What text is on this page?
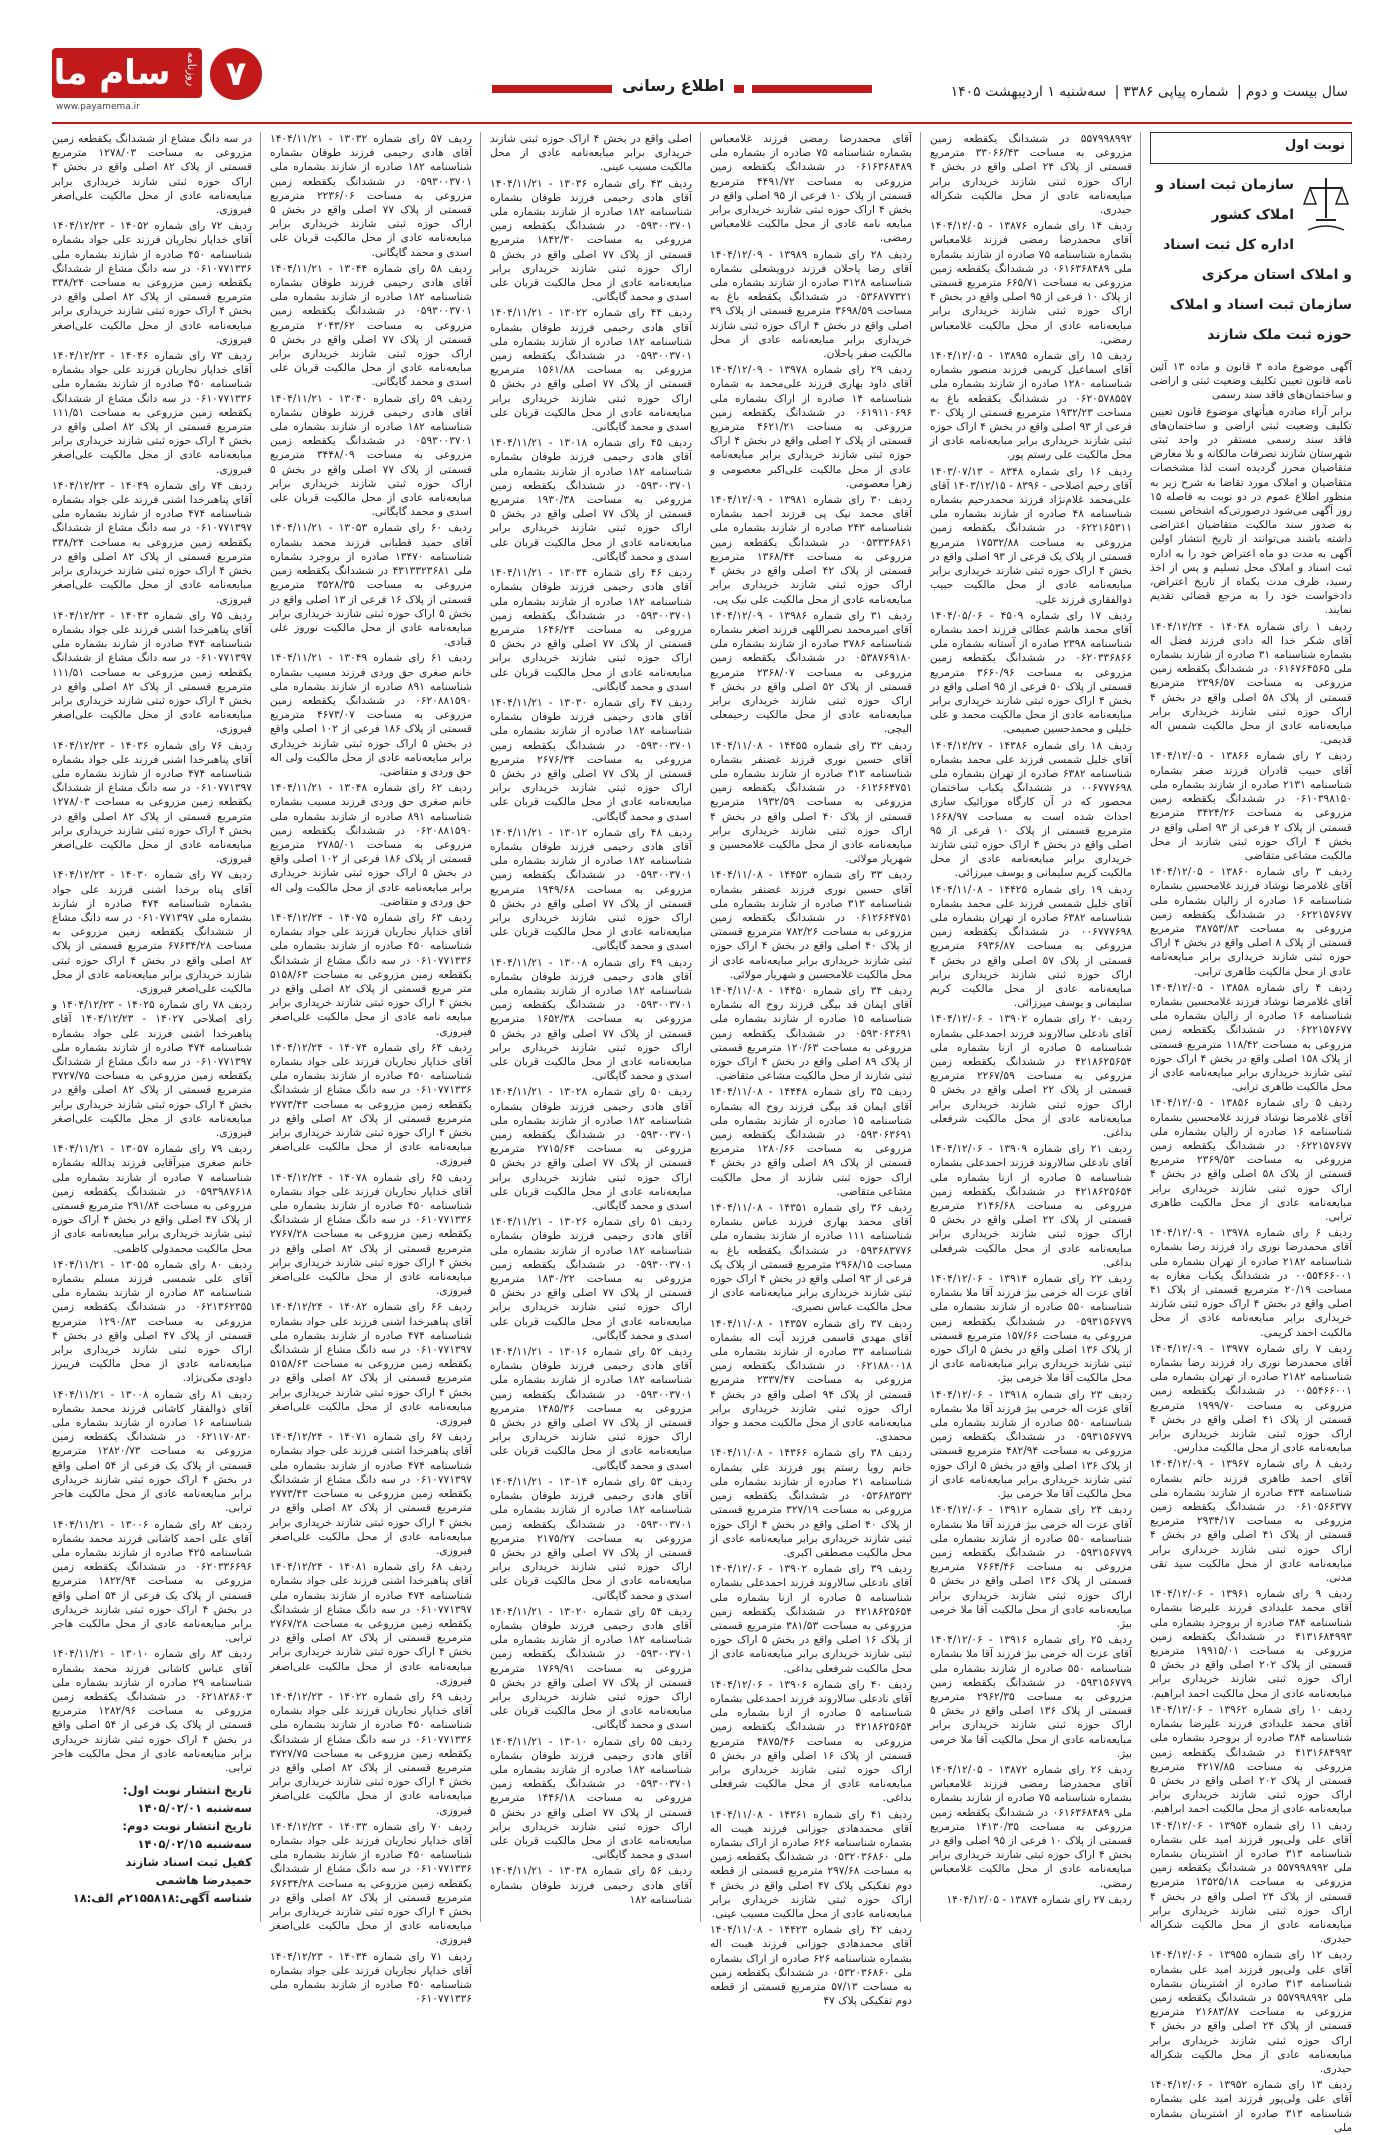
سال بیست و دوم| شماره پیاپی ۳۳۸۶| سه‌شنبه ۱ اردیبهشت ۱۴۰۵
اطلاع رسانی
۷
سام ما روزنامه
www.payamema.ir
نوبت اول
سازمان ثبت اسناد و املاک کشور
اداره کل ثبت اسناد و املاک استان مرکزی
سازمان ثبت اسناد و املاک حوزه ثبت ملک شازند

آگهی موضوع ماده ۳ قانون و ماده ۱۳ آئین نامه قانون تعیین تکلیف وضعیت ثبتی و اراضی و ساختمان‌های فاقد سند رسمی

برابر آراء صادره هیأتهای موضوع قانون تعیین تکلیف وضعیت ثبتی اراضی و ساختمان‌های فاقد سند رسمی مستقر در واحد ثبتی شهرستان شازند تصرفات مالکانه و بلا معارض متقاضیان محرز گردیده است لذا مشخصات متقاضیان و املاک مورد تقاضا به شرح زیر به منظور اطلاع عموم در دو نوبت به فاصله ۱۵ روز آگهی می‌شود درصورتی‌که اشخاص نسبت به صدور سند مالکیت متقاضیان اعتراضی داشته باشند می‌توانند از تاریخ انتشار اولین آگهی به مدت دو ماه اعتراض خود را به اداره ثبت اسناد و املاک محل تسلیم و پس از اخذ رسید، ظرف مدت یکماه از تاریخ اعتراض، دادخواست خود را به مرجع قضائی تقدیم نمایند.

ردیف ۱ رای شماره ۱۴۰۴۸ - ۱۴۰۴/۱۲/۲۴ آقای شکر خدا اله دادی فرزند فضل اله بشماره شناسنامه ۳۱ صادره از شازند بشماره ملی ۰۶۱۶۷۶۴۵۶۵ در ششدانگ یکقطعه زمین مزروعی به مساحت ۲۳۹۶/۵۷ مترمربع قسمتی از پلاک ۵۸ اصلی واقع در بخش ۴ اراک حوزه ثبتی شازند خریداری برابر مبایعه‌نامه عادی از محل مالکیت شمس اله قدیمی.

ردیف ۲ رای شماره ۱۳۸۶۶ - ۱۴۰۴/۱۲/۰۵ آقای حبیب قادران فرزند صفر بشماره شناسنامه ۲۱۳۱ صادره از شازند بشماره ملی ۰۶۱۰۳۹۸۱۵۰ در ششدانگ یکقطعه زمین مزروعی به مساحت ۳۴۲۴/۲۶ مترمربع قسمتی از پلاک ۲ فرعی از ۹۳ اصلی واقع در بخش ۴ اراک حوزه ثبتی شازند از محل مالکیت مشاعی متقاضی

ردیف ۳ رای شماره ۱۳۸۶۰ - ۱۴۰۴/۱۲/۰۵ آقای غلامرضا نوشاد فرزند غلامحسین بشماره شناسنامه ۱۶ صادره از زالیان بشماره ملی ۰۶۲۲۱۵۷۶۷۷ در ششدانگ یکقطعه زمین مزروعی به مساحت ۳۸۷۵۳/۸۳ مترمربع قسمتی از پلاک ۸ اصلی واقع در بخش ۴ اراک حوزه ثبتی شازند خریداری برابر مبایعه‌نامه عادی از محل مالکیت طاهری ترابی.

ردیف ۴ رای شماره ۱۳۸۵۸ - ۱۴۰۴/۱۲/۰۵ آقای غلامرضا نوشاد فرزند غلامحسین بشماره شناسنامه ۱۶ صادره از زالیان بشماره ملی ۰۶۲۲۱۵۷۶۷۷ در ششدانگ یکقطعه زمین مزروعی به مساحت ۱۱۸/۴۲ مترمربع قسمتی از پلاک ۱۵۸ اصلی واقع در بخش ۴ اراک حوزه ثبتی شازند خریداری برابر مبایعه‌نامه عادی از محل مالکیت طاهری ترابی.

ردیف ۵ رای شماره ۱۳۸۵۶ - ۱۴۰۴/۱۲/۰۵ آقای غلامرضا نوشاد فرزند غلامحسین بشماره شناسنامه ۱۶ صادره از زالیان بشماره ملی ۰۶۲۲۱۵۷۶۷۷ در ششدانگ یکقطعه زمین مزروعی به مساحت ۲۳۶۹/۵۳ مترمربع قسمتی از پلاک ۵۸ اصلی واقع در بخش ۴ اراک حوزه ثبتی شازند خریداری برابر مبایعه‌نامه عادی از محل مالکیت طاهری ترابی.

ردیف ۶ رای شماره ۱۳۹۷۸ - ۱۴۰۴/۱۲/۰۹ آقای محمدرضا نوری راد فرزند رضا بشماره شناسنامه ۲۱۸۲ صادره از تهران بشماره ملی ۰۰۵۵۴۶۶۰۰۱ در ششدانگ یکباب مغازه به مساحت ۲۰/۱۹ مترمربع قسمتی از پلاک ۴۱ اصلی واقع در بخش ۴ اراک حوزه ثبتی شازند خریداری برابر مبایعه‌نامه عادی از محل مالکیت احمد کریمی.

ردیف ۷ رای شماره ۱۳۹۷۷ - ۱۴۰۴/۱۲/۰۹ آقای محمدرضا نوری راد فرزند رضا بشماره شناسنامه ۲۱۸۲ صادره از تهران بشماره ملی ۰۰۵۵۴۶۶۰۰۱ در ششدانگ یکقطعه زمین مزروعی به مساحت ۱۹۹۹/۷۰ مترمربع قسمتی از پلاک ۴۱ اصلی واقع در بخش ۴ اراک حوزه ثبتی شازند خریداری برابر مبایعه‌نامه عادی از محل مالکیت مدارس.

ردیف ۸ رای شماره ۱۳۹۶۷ - ۱۴۰۴/۱۲/۰۹ آقای احمد طاهری فرزند حاتم بشماره شناسنامه ۴۳۴ صادره از شازند بشماره ملی ۰۶۱۰۵۶۶۳۷۷ در ششدانگ یکقطعه زمین مزروعی به مساحت ۲۹۳۴/۱۷ مترمربع قسمتی از پلاک ۴۱ اصلی واقع در بخش ۴ اراک حوزه ثبتی شازند خریداری برابر مبایعه‌نامه عادی از محل مالکیت سید تقی مدنی.

ردیف ۹ رای شماره ۱۳۹۶۱ - ۱۴۰۴/۱۲/۰۶ آقای محمد علیدادی فرزند علیرضا بشماره شناسنامه ۳۸۴ صادره از بروجرد بشماره ملی ۴۱۳۱۶۸۴۹۹۳ در ششدانگ یکقطعه زمین مزروعی به مساحت ۱۹۹۱۵/۰۱ مترمربع قسمتی از پلاک ۲۰۲ اصلی واقع در بخش ۵ اراک حوزه ثبتی شازند خریداری برابر مبایعه‌نامه عادی از محل مالکیت احمد ابراهیم.

ردیف ۱۰ رای شماره ۱۳۹۶۲ - ۱۴۰۴/۱۲/۰۶ آقای محمد علیدادی فرزند علیرضا بشماره شناسنامه ۳۸۴ صادره از بروجرد بشماره ملی ۴۱۳۱۶۸۴۹۹۳ در ششدانگ یکقطعه زمین مزروعی به مساحت ۴۲۱۷/۸۵ مترمربع قسمتی از پلاک ۲۰۲ اصلی واقع در بخش ۵ اراک حوزه ثبتی شازند خریداری برابر مبایعه‌نامه عادی از محل مالکیت احمد ابراهیم.

ردیف ۱۱ رای شماره ۱۳۹۵۴ - ۱۴۰۴/۱۲/۰۶ آقای علی ولی‌پور فرزند امید علی بشماره شناسنامه ۳۱۳ صادره از اشترینان بشماره ملی ۵۵۷۹۹۸۹۹۲ در ششدانگ یکقطعه زمین مزروعی به مساحت ۱۳۵۲۵/۱۸ مترمربع قسمتی از پلاک ۲۴ اصلی واقع در بخش ۴ اراک حوزه ثبتی شازند خریداری برابر مبایعه‌نامه عادی از محل مالکیت شکراله حیدری.

ردیف ۱۲ رای شماره ۱۳۹۵۵ - ۱۴۰۴/۱۲/۰۶ آقای علی ولی‌پور فرزند امید علی بشماره شناسنامه ۳۱۳ صادره از اشترینان بشماره ملی ۵۵۷۹۹۸۹۹۲ در ششدانگ یکقطعه زمین مزروعی به مساحت ۲۱۶۸۳/۸۷ مترمربع قسمتی از پلاک ۲۴ اصلی واقع در بخش ۴ اراک حوزه ثبتی شازند خریداری برابر مبایعه‌نامه عادی از محل مالکیت شکراله حیدری.

ردیف ۱۳ رای شماره ۱۳۹۵۲ - ۱۴۰۴/۱۲/۰۶ آقای علی ولی‌پور فرزند امید علی بشماره شناسنامه ۳۱۳ صادره از اشترینان بشماره ملی

۵۵۷۹۹۸۹۹۲ در ششدانگ یکقطعه زمین مزروعی به مساحت ۳۳۰۶۶/۴۳ مترمربع قسمتی از پلاک ۲۴ اصلی واقع در بخش ۴ اراک حوزه ثبتی شازند خریداری برابر مبایعه‌نامه عادی از محل مالکیت شکراله حیدری.

ردیف ۱۴ رای شماره ۱۳۸۷۶ - ۱۴۰۴/۱۲/۰۵ آقای محمدرضا رمضی فرزند غلامعباس بشماره شناسنامه ۷۵ صادره از شازند بشماره ملی ۰۶۱۶۳۶۸۴۸۹ در ششدانگ یکقطعه زمین مزروعی به مساحت ۶۶۵/۷۱ مترمربع قسمتی از پلاک ۱۰ فرعی از ۹۵ اصلی واقع در بخش ۴ اراک حوزه ثبتی شازند خریداری برابر مبایعه‌نامه عادی از محل مالکیت غلامعباس رمضی.

ردیف ۱۵ رای شماره ۱۳۸۹۵ - ۱۴۰۴/۱۲/۰۵ آقای اسماعیل کریمی فرزند منصور بشماره شناسنامه ۱۲۸۰ صادره از شازند بشماره ملی ۰۶۲۰۵۷۸۵۵۷ در ششدانگ یکقطعه باغ به مساحت ۱۹۳۲/۲۳ مترمربع قسمتی از پلاک ۳۰ فرعی از ۹۳ اصلی واقع در بخش ۴ اراک حوزه ثبتی شازند خریداری برابر مبایعه‌نامه عادی از محل مالکیت علی رستم پور.

ردیف ۱۶ رای شماره ۸۳۴۸ - ۱۴۰۳/۰۷/۱۳ آقای رحیم اصلاحی - ۸۳۹۶ - ۱۴۰۳/۱۲/۱۵ آقای علی‌محمد غلام‌نژاد فرزند محمدرحیم بشماره شناسنامه ۴۸ صادره از شازند بشماره ملی ۰۶۲۲۱۶۵۳۱۱ در ششدانگ یکقطعه زمین مزروعی به مساحت ۱۷۵۳۲/۸۸ مترمربع قسمتی از پلاک یک فرعی از ۹۳ اصلی واقع در بخش ۴ اراک حوزه ثبتی شازند خریداری برابر مبایعه‌نامه عادی از محل مالکیت حبیب ذوالفقاری فرزند علی.

ردیف ۱۷ رای شماره ۴۵۰۹ - ۱۴۰۴/۰۵/۰۶ آقای محمد هاشم عطائی فرزند احمد بشماره شناسنامه ۲۳۹۸ صادره از آستانه بشماره ملی ۰۶۲۰۳۳۶۸۶۶ در ششدانگ یکقطعه زمین مزروعی به مساحت ۳۶۶۰/۹۶ مترمربع قسمتی از پلاک ۵۰ فرعی از ۹۵ اصلی واقع در بخش ۴ اراک حوزه ثبتی شازند خریداری برابر مبایعه‌نامه عادی از محل مالکیت محمد و علی خلیلی و محمدحسین صمیمی.

ردیف ۱۸ رای شماره ۱۴۳۸۶ - ۱۴۰۴/۱۲/۲۷ آقای خلیل شمسی فرزند علی محمد بشماره شناسنامه ۶۳۸۲ صادره از تهران بشماره ملی ۰۰۶۷۷۷۶۹۸ در ششدانگ یکباب ساختمان محصور که در آن کارگاه موزائیک سازی احداث شده است به مساحت ۱۶۶۸/۹۷ مترمربع قسمتی از پلاک ۱۰ فرعی از ۹۵ اصلی واقع در بخش ۴ اراک حوزه ثبتی شازند خریداری برابر مبایعه‌نامه عادی از محل مالکیت کریم سلیمانی و یوسف میرزائی.

ردیف ۱۹ رای شماره ۱۴۴۲۵ - ۱۴۰۴/۱۱/۰۸ آقای خلیل شمسی فرزند علی محمد بشماره شناسنامه ۶۳۸۲ صادره از تهران بشماره ملی ۰۰۶۷۷۷۶۹۸ در ششدانگ یکقطعه زمین مزروعی به مساحت ۶۹۳۶/۸۷ مترمربع قسمتی از پلاک ۵۷ اصلی واقع در بخش ۴ اراک حوزه ثبتی شازند خریداری برابر مبایعه‌نامه عادی از محل مالکیت کریم سلیمانی و یوسف میرزائی.

ردیف ۲۰ رای شماره ۱۳۹۰۲ - ۱۴۰۴/۱۲/۰۶ آقای نادعلی سالاروند فرزند احمدعلی بشماره شناسنامه ۵ صادره از ازنا بشماره ملی ۴۲۱۸۶۲۵۶۵۴ در ششدانگ یکقطعه زمین مزروعی به مساحت ۲۲۶۷/۵۹ مترمربع قسمتی از پلاک ۲۲ اصلی واقع در بخش ۵ اراک حوزه ثبتی شازند خریداری برابر مبایعه‌نامه عادی از محل مالکیت شرفعلی بداغی.

ردیف ۲۱ رای شماره ۱۳۹۰۹ - ۱۴۰۴/۱۲/۰۶ آقای نادعلی سالاروند فرزند احمدعلی بشماره شناسنامه ۵ صادره از ازنا بشماره ملی ۴۲۱۸۶۲۵۶۵۴ در ششدانگ یکقطعه زمین مزروعی به مساحت ۲۱۴۶/۶۸ مترمربع قسمتی از پلاک ۲۲ اصلی واقع در بخش ۵ اراک حوزه ثبتی شازند خریداری برابر مبایعه‌نامه عادی از محل مالکیت شرفعلی بداغی.

ردیف ۲۲ رای شماره ۱۳۹۱۴ - ۱۴۰۴/۱۲/۰۶ آقای عزت اله خرمی بیژ فرزند آقا ملا بشماره شناسنامه ۵۵۰ صادره از شازند بشماره ملی ۰۵۹۳۱۵۶۷۷۹ در ششدانگ یکقطعه زمین مزروعی به مساحت ۱۵۷/۶۶ مترمربع قسمتی از پلاک ۱۳۶ اصلی واقع در بخش ۵ اراک حوزه ثبتی شازند خریداری برابر مبایعه‌نامه عادی از محل مالکیت آقا ملا خرمی بیژ.

ردیف ۲۳ رای شماره ۱۳۹۱۸ - ۱۴۰۴/۱۲/۰۶ آقای عزت اله خرمی بیژ فرزند آقا ملا بشماره شناسنامه ۵۵۰ صادره از شازند بشماره ملی ۰۵۹۳۱۵۶۷۷۹ در ششدانگ یکقطعه زمین مزروعی به مساحت ۴۸۲/۹۴ مترمربع قسمتی از پلاک ۱۳۶ اصلی واقع در بخش ۵ اراک حوزه ثبتی شازند خریداری برابر مبایعه‌نامه عادی از محل مالکیت آقا ملا خرمی بیژ.

ردیف ۲۴ رای شماره ۱۳۹۱۲ - ۱۴۰۴/۱۲/۰۶ آقای عزت اله خرمی بیژ فرزند آقا ملا بشماره شناسنامه ۵۵۰ صادره از شازند بشماره ملی ۰۵۹۳۱۵۶۷۷۹ در ششدانگ یکقطعه زمین مزروعی به مساحت ۷۶۶۴/۴۶ مترمربع قسمتی از پلاک ۱۳۶ اصلی واقع در بخش ۵ اراک حوزه ثبتی شازند خریداری برابر مبایعه‌نامه عادی از محل مالکیت آقا ملا خرمی بیژ.

ردیف ۲۵ رای شماره ۱۳۹۱۶ - ۱۴۰۴/۱۲/۰۶ آقای عزت اله خرمی بیژ فرزند آقا ملا بشماره شناسنامه ۵۵۰ صادره از شازند بشماره ملی ۰۵۹۳۱۵۶۷۷۹ در ششدانگ یکقطعه زمین مزروعی به مساحت ۲۹۶۲/۳۵ مترمربع قسمتی از پلاک ۱۳۶ اصلی واقع در بخش ۵ اراک حوزه ثبتی شازند خریداری برابر مبایعه‌نامه عادی از محل مالکیت آقا ملا خرمی بیژ.

ردیف ۲۶ رای شماره ۱۳۸۷۲ - ۱۴۰۴/۱۲/۰۵ آقای محمدرضا رمضی فرزند غلامعباس بشماره شناسنامه ۷۵ صادره از شازند بشماره ملی ۰۶۱۶۳۶۸۴۸۹ در ششدانگ یکقطعه زمین مزروعی به مساحت ۱۴۱۳۰/۳۵ مترمربع قسمتی از پلاک ۱۰ فرعی از ۹۵ اصلی واقع در بخش ۴ اراک حوزه ثبتی شازند خریداری برابر مبایعه‌نامه عادی از محل مالکیت غلامعباس رمضی.

ردیف ۲۷ رای شماره ۱۳۸۷۴ - ۱۴۰۴/۱۲/۰۵

آقای محمدرضا رمضی فرزند غلامعباس بشماره شناسنامه ۷۵ صادره از بشماره ملی ۰۶۱۶۳۶۸۴۸۹ در ششدانگ یکقطعه زمین مزروعی به مساحت ۴۴۹۱/۷۲ مترمربع قسمتی از پلاک ۱۰ فرعی از ۹۵ اصلی واقع در بخش ۴ اراک حوزه ثبتی شازند خریداری برابر مبایعه نامه عادی از محل مالکیت غلامعباس رمضی.

ردیف ۲۸ رای شماره ۱۳۹۸۹ - ۱۴۰۴/۱۲/۰۹ آقای رضا یاحلان فرزند درویشعلی بشماره شناسنامه ۳۱۲۸ صادره از شازند بشماره ملی ۰۵۳۶۸۷۷۳۲۱ در ششدانگ یکقطعه باغ به مساحت ۳۶۹۸/۵۹ مترمربع قسمتی از پلاک ۳۹ اصلی واقع در بخش ۴ اراک حوزه ثبتی شازند خریداری برابر مبایعه‌نامه عادی از محل مالکیت صفر یاحلان.

ردیف ۲۹ رای شماره ۱۳۹۷۸ - ۱۴۰۴/۱۲/۰۹ آقای داود بهاری فرزند علی‌محمد به شماره شناسنامه ۱۴ صادره از اراک بشماره ملی ۰۶۱۹۱۱۰۶۹۶ در ششدانگ یکقطعه زمین مزروعی به مساحت ۴۶۲۱/۲۱ مترمربع قسمتی از پلاک ۲ اصلی واقع در بخش ۴ اراک حوزه ثبتی شازند خریداری برابر مبایعه‌نامه عادی از محل مالکیت علی‌اکبر معصومی و زهرا معصومی.

ردیف ۳۰ رای شماره ۱۳۹۸۱ - ۱۴۰۴/۱۲/۰۹ آقای محمد نیک پی فرزند احمد بشماره شناسنامه ۲۴۳ صادره از شازند بشماره ملی ۰۵۳۳۳۶۸۶۱ در ششدانگ یکقطعه زمین مزروعی به مساحت ۱۳۶۸/۴۴ مترمربع قسمتی از پلاک ۴۲ اصلی واقع در بخش ۴ اراک حوزه ثبتی شازند خریداری برابر مبایعه‌نامه عادی از محل مالکیت علی نیک پی.

ردیف ۳۱ رای شماره ۱۳۹۸۶ - ۱۴۰۴/۱۲/۰۹ آقای امیرمحمد نصراللهی فرزند اصغر بشماره شناسنامه ۳۷۸۶ صادره از شازند بشماره ملی ۰۵۳۸۷۶۹۱۸۰ در ششدانگ یکقطعه زمین مزروعی به مساحت ۲۳۶۸/۰۷ مترمربع قسمتی از پلاک ۵۲ اصلی واقع در بخش ۴ اراک حوزه ثبتی شازند خریداری برابر مبایعه‌نامه عادی از محل مالکیت رحیمعلی الیچی.

ردیف ۳۲ رای شماره ۱۴۴۵۵ - ۱۴۰۴/۱۱/۰۸ آقای حسین نوری فرزند غضنفر بشماره شناسنامه ۳۱۳ صادره از شازند بشماره ملی ۰۶۱۲۶۶۴۷۵۱ در ششدانگ یکقطعه زمین مزروعی به مساحت ۱۹۳۲/۵۹ مترمربع قسمتی از پلاک ۴۰ اصلی واقع در بخش ۴ اراک حوزه ثبتی شازند خریداری برابر مبایعه‌نامه عادی از محل مالکیت غلامحسین و شهریار مولائی.

ردیف ۳۳ رای شماره ۱۴۴۵۳ - ۱۴۰۴/۱۱/۰۸ آقای حسین نوری فرزند غضنفر بشماره شناسنامه ۳۱۳ صادره از شازند بشماره ملی ۰۶۱۲۶۶۴۷۵۱ در ششدانگ یکقطعه زمین مزروعی به مساحت ۷۸۲/۲۶ مترمربع قسمتی از پلاک ۴۰ اصلی واقع در بخش ۴ اراک حوزه ثبتی شازند خریداری برابر مبایعه‌نامه عادی از محل مالکیت غلامحسین و شهریار مولائی.

ردیف ۳۴ رای شماره ۱۴۴۵۰ - ۱۴۰۴/۱۱/۰۸ آقای ایمان قد بیگی فرزند روح اله بشماره شناسنامه ۱۵ صادره از شازند بشماره ملی ۰۵۹۳۰۶۳۶۹۱ در ششدانگ یکقطعه زمین مزروعی به مساحت ۱۲۰/۶۳ مترمربع قسمتی از پلاک ۸۹ اصلی واقع در بخش ۴ اراک حوزه ثبتی شازند از محل مالکیت مشاعی متقاضی.

ردیف ۳۵ رای شماره ۱۴۴۴۸ - ۱۴۰۴/۱۱/۰۸ آقای ایمان قد بیگی فرزند روح اله بشماره شناسنامه ۱۵ صادره از شازند بشماره ملی ۰۵۹۳۰۶۳۶۹۱ در ششدانگ یکقطعه زمین مزروعی به مساحت ۱۲۸۰/۶۶ مترمربع قسمتی از پلاک ۸۹ اصلی واقع در بخش ۴ اراک حوزه ثبتی شازند از محل مالکیت مشاعی متقاضی.

ردیف ۳۶ رای شماره ۱۴۳۵۱ - ۱۴۰۴/۱۱/۰۸ آقای محمد بهاری فرزند عباس بشماره شناسنامه ۱۱۱ صادره از شازند بشماره ملی ۰۵۹۳۶۸۳۷۷۶ در ششدانگ یکقطعه باغ به مساحت ۲۹۶۸/۱۵ مترمربع قسمتی از پلاک یک فرعی از ۹۳ اصلی واقع در بخش ۴ اراک حوزه ثبتی شازند خریداری برابر مبایعه‌نامه عادی از محل مالکیت عباس نصیری.

ردیف ۳۷ رای شماره ۱۴۳۵۷ - ۱۴۰۴/۱۱/۰۸ آقای مهدی قاسمی فرزند آیت اله بشماره شناسنامه ۳۳ صادره از شازند بشماره ملی ۰۶۲۱۸۸۰۰۱۸ در ششدانگ یکقطعه زمین مزروعی به مساحت ۲۳۳۷/۴۷ مترمربع قسمتی از پلاک ۹۴ اصلی واقع در بخش ۴ اراک حوزه ثبتی شازند خریداری برابر مبایعه‌نامه عادی از محل مالکیت محمد و جواد محمدی.

ردیف ۳۸ رای شماره ۱۴۳۶۶ - ۱۴۰۴/۱۱/۰۸ خانم رویا رستم پور فرزند علی بشماره شناسنامه ۲۱ صادره از شازند بشماره ملی ۰۵۳۶۸۳۵۳۲ در ششدانگ یکقطعه زمین مزروعی به مساحت ۳۲۷/۱۹ مترمربع قسمتی از پلاک ۴۰ اصلی واقع در بخش ۴ اراک حوزه ثبتی شازند خریداری برابر مبایعه‌نامه عادی از محل مالکیت مصطفی اکبری.

ردیف ۳۹ رای شماره ۱۳۹۰۲ - ۱۴۰۴/۱۲/۰۶ آقای نادعلی سالاروند فرزند احمدعلی بشماره شناسنامه ۵ صادره از ازنا بشماره ملی ۴۲۱۸۶۲۵۶۵۴ در ششدانگ یکقطعه زمین مزروعی به مساحت ۳۸۱/۵۳ مترمربع قسمتی از پلاک ۱۶ اصلی واقع در بخش ۵ اراک حوزه ثبتی شازند خریداری برابر مبایعه‌نامه عادی از محل مالکیت شرفعلی بداغی.

ردیف ۴۰ رای شماره ۱۳۹۰۶ - ۱۴۰۴/۱۲/۰۶ آقای نادعلی سالاروند فرزند احمدعلی بشماره شناسنامه ۵ صادره از ازنا بشماره ملی ۴۲۱۸۶۲۵۶۵۴ در ششدانگ یکقطعه زمین مزروعی به مساحت ۴۸۷۵/۴۶ مترمربع قسمتی از پلاک ۱۶ اصلی واقع در بخش ۵ اراک حوزه ثبتی شازند خریداری برابر مبایعه‌نامه عادی از محل مالکیت شرفعلی بداغی.

ردیف ۴۱ رای شماره ۱۴۳۶۱ - ۱۴۰۴/۱۱/۰۸ آقای محمدهادی جوزانی فرزند هیبت اله بشماره شناسنامه ۶۲۶ صادره از اراک بشماره ملی ۰۵۳۲۰۳۶۸۶۰ در ششدانگ یکقطعه زمین به مساحت ۲۹۷/۶۸ مترمربع قسمتی از قطعه دوم تفکیکی پلاک ۴۷ اصلی واقع در بخش ۴ اراک حوزه ثبتی شازند خریداری برابر مبایعه‌نامه عادی از محل مالکیت مسیب عینی.

ردیف ۴۲ رای شماره ۱۴۴۲۳ - ۱۴۰۴/۱۱/۰۸ آقای محمدهادی جوزانی فرزند هیبت اله بشماره شناسنامه ۶۲۶ صادره از اراک بشماره ملی ۰۵۳۲۰۳۶۸۶۰ در ششدانگ یکقطعه زمین به مساحت ۵۷/۱۳ مترمربع قسمتی از قطعه دوم تفکیکی پلاک ۴۷

اصلی واقع در بخش ۴ اراک حوزه ثبتی شازند خریداری برابر مبایعه‌نامه عادی از محل مالکیت مسیب عینی.

ردیف ۴۳ رای شماره ۱۳۰۳۶ - ۱۴۰۴/۱۱/۲۱ آقای هادی رحیمی فرزند طوفان بشماره شناسنامه ۱۸۲ صادره از شازند بشماره ملی ۰۵۹۳۰۰۳۷۰۱ در ششدانگ یکقطعه زمین مزروعی به مساحت ۱۸۴۲/۳۰ مترمربع قسمتی از پلاک ۷۷ اصلی واقع در بخش ۵ اراک حوزه ثبتی شازند خریداری برابر مبایعه‌نامه عادی از محل مالکیت قربان علی اسدی و محمد گایگانی.

ردیف ۴۴ رای شماره ۱۳۰۲۲ - ۱۴۰۴/۱۱/۲۱ آقای هادی رحیمی فرزند طوفان بشماره شناسنامه ۱۸۲ صادره از شازند بشماره ملی ۰۵۹۳۰۰۳۷۰۱ در ششدانگ یکقطعه زمین مزروعی به مساحت ۱۵۶۱/۸۸ مترمربع قسمتی از پلاک ۷۷ اصلی واقع در بخش ۵ اراک حوزه ثبتی شازند خریداری برابر مبایعه‌نامه عادی از محل مالکیت قربان علی اسدی و محمد گایگانی.

ردیف ۴۵ رای شماره ۱۳۰۱۸ - ۱۴۰۴/۱۱/۲۱ آقای هادی رحیمی فرزند طوفان بشماره شناسنامه ۱۸۲ صادره از شازند بشماره ملی ۰۵۹۳۰۰۳۷۰۱ در ششدانگ یکقطعه زمین مزروعی به مساحت ۱۹۳۰/۳۸ مترمربع قسمتی از پلاک ۷۷ اصلی واقع در بخش ۵ اراک حوزه ثبتی شازند خریداری برابر مبایعه‌نامه عادی از محل مالکیت قربان علی اسدی و محمد گایگانی.

ردیف ۴۶ رای شماره ۱۳۰۳۴ - ۱۴۰۴/۱۱/۲۱ آقای هادی رحیمی فرزند طوفان بشماره شناسنامه ۱۸۲ صادره از شازند بشماره ملی ۰۵۹۳۰۰۳۷۰۱ در ششدانگ یکقطعه زمین مزروعی به مساحت ۱۶۴۶/۲۴ مترمربع قسمتی از پلاک ۷۷ اصلی واقع در بخش ۵ اراک حوزه ثبتی شازند خریداری برابر مبایعه‌نامه عادی از محل مالکیت قربان علی اسدی و محمد گایگانی.

ردیف ۴۷ رای شماره ۱۳۰۳۰ - ۱۴۰۴/۱۱/۲۱ آقای هادی رحیمی فرزند طوفان بشماره شناسنامه ۱۸۲ صادره از شازند بشماره ملی ۰۵۹۳۰۰۳۷۰۱ در ششدانگ یکقطعه زمین مزروعی به مساحت ۲۶۷۶/۳۴ مترمربع قسمتی از پلاک ۷۷ اصلی واقع در بخش ۵ اراک حوزه ثبتی شازند خریداری برابر مبایعه‌نامه عادی از محل مالکیت قربان علی اسدی و محمد گایگانی.

ردیف ۴۸ رای شماره ۱۳۰۱۲ - ۱۴۰۴/۱۱/۲۱ آقای هادی رحیمی فرزند طوفان بشماره شناسنامه ۱۸۲ صادره از شازند بشماره ملی ۰۵۹۳۰۰۳۷۰۱ در ششدانگ یکقطعه زمین مزروعی به مساحت ۱۹۴۹/۶۸ مترمربع قسمتی از پلاک ۷۷ اصلی واقع در بخش ۵ اراک حوزه ثبتی شازند خریداری برابر مبایعه‌نامه عادی از محل مالکیت قربان علی اسدی و محمد گایگانی.

ردیف ۴۹ رای شماره ۱۳۰۰۸ - ۱۴۰۴/۱۱/۲۱ آقای هادی رحیمی فرزند طوفان بشماره شناسنامه ۱۸۲ صادره از شازند بشماره ملی ۰۵۹۳۰۰۳۷۰۱ در ششدانگ یکقطعه زمین مزروعی به مساحت ۱۶۵۲/۳۸ مترمربع قسمتی از پلاک ۷۷ اصلی واقع در بخش ۵ اراک حوزه ثبتی شازند خریداری برابر مبایعه‌نامه عادی از محل مالکیت قربان علی اسدی و محمد گایگانی.

ردیف ۵۰ رای شماره ۱۳۰۲۸ - ۱۴۰۴/۱۱/۲۱ آقای هادی رحیمی فرزند طوفان بشماره شناسنامه ۱۸۲ صادره از شازند بشماره ملی ۰۵۹۳۰۰۳۷۰۱ در ششدانگ یکقطعه زمین مزروعی به مساحت ۲۷۱۵/۶۴ مترمربع قسمتی از پلاک ۷۷ اصلی واقع در بخش ۵ اراک حوزه ثبتی شازند خریداری برابر مبایعه‌نامه عادی از محل مالکیت قربان علی اسدی و محمد گایگانی.

ردیف ۵۱ رای شماره ۱۳۰۲۶ - ۱۴۰۴/۱۱/۲۱ آقای هادی رحیمی فرزند طوفان بشماره شناسنامه ۱۸۲ صادره از شازند بشماره ملی ۰۵۹۳۰۰۳۷۰۱ در ششدانگ یکقطعه زمین مزروعی به مساحت ۱۸۳۰/۲۲ مترمربع قسمتی از پلاک ۷۷ اصلی واقع در بخش ۵ اراک حوزه ثبتی شازند خریداری برابر مبایعه‌نامه عادی از محل مالکیت قربان علی اسدی و محمد گایگانی.

ردیف ۵۲ رای شماره ۱۳۰۱۶ - ۱۴۰۴/۱۱/۲۱ آقای هادی رحیمی فرزند طوفان بشماره شناسنامه ۱۸۲ صادره از شازند بشماره ملی ۰۵۹۳۰۰۳۷۰۱ در ششدانگ یکقطعه زمین مزروعی به مساحت ۱۴۸۵/۳۶ مترمربع قسمتی از پلاک ۷۷ اصلی واقع در بخش ۵ اراک حوزه ثبتی شازند خریداری برابر مبایعه‌نامه عادی از محل مالکیت قربان علی اسدی و محمد گایگانی.

ردیف ۵۳ رای شماره ۱۳۰۱۴ - ۱۴۰۴/۱۱/۲۱ آقای هادی رحیمی فرزند طوفان بشماره شناسنامه ۱۸۲ صادره از شازند بشماره ملی ۰۵۹۳۰۰۳۷۰۱ در ششدانگ یکقطعه زمین مزروعی به مساحت ۲۱۷۵/۲۷ مترمربع قسمتی از پلاک ۷۷ اصلی واقع در بخش ۵ اراک حوزه ثبتی شازند خریداری برابر مبایعه‌نامه عادی از محل مالکیت قربان علی اسدی و محمد گایگانی.

ردیف ۵۴ رای شماره ۱۳۰۲۰ - ۱۴۰۴/۱۱/۲۱ آقای هادی رحیمی فرزند طوفان بشماره شناسنامه ۱۸۲ صادره از شازند بشماره ملی ۰۵۹۳۰۰۳۷۰۱ در ششدانگ یکقطعه زمین مزروعی به مساحت ۱۷۶۹/۹۱ مترمربع قسمتی از پلاک ۷۷ اصلی واقع در بخش ۵ اراک حوزه ثبتی شازند خریداری برابر مبایعه‌نامه عادی از محل مالکیت قربان علی اسدی و محمد گایگانی.

ردیف ۵۵ رای شماره ۱۳۰۱۰ - ۱۴۰۴/۱۱/۲۱ آقای هادی رحیمی فرزند طوفان بشماره شناسنامه ۱۸۲ صادره از شازند بشماره ملی ۰۵۹۳۰۰۳۷۰۱ در ششدانگ یکقطعه زمین مزروعی به مساحت ۱۴۴۶/۱۸ مترمربع قسمتی از پلاک ۷۷ اصلی واقع در بخش ۵ اراک حوزه ثبتی شازند خریداری برابر مبایعه‌نامه عادی از محل مالکیت قربان علی اسدی و محمد گایگانی.

ردیف ۵۶ رای شماره ۱۳۰۳۸ - ۱۴۰۴/۱۱/۲۱ آقای هادی رحیمی فرزند طوفان بشماره شناسنامه ۱۸۲

ردیف ۵۷ رای شماره ۱۳۰۳۲ - ۱۴۰۴/۱۱/۲۱ آقای هادی رحیمی فرزند طوفان بشماره شناسنامه ۱۸۲ صادره از شازند بشماره ملی ۰۵۹۳۰۰۳۷۰۱ در ششدانگ یکقطعه زمین مزروعی به مساحت ۲۲۳۶/۰۶ مترمربع قسمتی از پلاک ۷۷ اصلی واقع در بخش ۵ اراک حوزه ثبتی شازند خریداری برابر مبایعه‌نامه عادی از محل مالکیت قربان علی اسدی و محمد گایگانی.

ردیف ۵۸ رای شماره ۱۳۰۴۴ - ۱۴۰۴/۱۱/۲۱ آقای هادی رحیمی فرزند طوفان بشماره شناسنامه ۱۸۲ صادره از شازند بشماره ملی ۰۵۹۳۰۰۳۷۰۱ در ششدانگ یکقطعه زمین مزروعی به مساحت ۲۰۴۳/۶۲ مترمربع قسمتی از پلاک ۷۷ اصلی واقع در بخش ۵ اراک حوزه ثبتی شازند خریداری برابر مبایعه‌نامه عادی از محل مالکیت قربان علی اسدی و محمد گایگانی.

ردیف ۵۹ رای شماره ۱۳۰۴۰ - ۱۴۰۴/۱۱/۲۱ آقای هادی رحیمی فرزند طوفان بشماره شناسنامه ۱۸۲ صادره از شازند بشماره ملی ۰۵۹۳۰۰۳۷۰۱ در ششدانگ یکقطعه زمین مزروعی به مساحت ۳۴۴۸/۰۹ مترمربع قسمتی از پلاک ۷۷ اصلی واقع در بخش ۵ اراک حوزه ثبتی شازند خریداری برابر مبایعه‌نامه عادی از محل مالکیت قربان علی اسدی و محمد گایگانی.

ردیف ۶۰ رای شماره ۱۳۰۵۳ - ۱۴۰۴/۱۱/۲۱ آقای حمید قطبانی فرزند محمد بشماره شناسنامه ۱۳۴۷۰ صادره از بروجرد بشماره ملی ۴۳۱۳۳۲۳۶۸۱ در ششدانگ یکقطعه زمین مزروعی به مساحت ۳۵۲۸/۳۵ مترمربع قسمتی از پلاک ۱۶ فرعی از ۱۳ اصلی واقع در بخش ۵ اراک حوزه ثبتی شازند خریداری برابر مبایعه‌نامه عادی از محل مالکیت نوروز علی قبادی.

ردیف ۶۱ رای شماره ۱۳۰۴۹ - ۱۴۰۴/۱۱/۲۱ خانم صغری حق وردی فرزند مسیب بشماره شناسنامه ۸۹۱ صادره از شازند بشماره ملی ۰۶۲۰۸۸۱۵۹۰ در ششدانگ یکقطعه زمین مزروعی به مساحت ۴۶۷۳/۰۷ مترمربع قسمتی از پلاک ۱۸۶ فرعی از ۱۰۲ اصلی واقع در بخش ۵ اراک حوزه ثبتی شازند خریداری برابر مبایعه‌نامه عادی از محل مالکیت ولی اله حق وردی و متقاضی.

ردیف ۶۲ رای شماره ۱۳۰۴۸ - ۱۴۰۴/۱۱/۲۱ خانم صغری حق وردی فرزند مسیب بشماره شناسنامه ۸۹۱ صادره از شازند بشماره ملی ۰۶۲۰۸۸۱۵۹۰ در ششدانگ یکقطعه زمین مزروعی به مساحت ۲۷۸۵/۰۱ مترمربع قسمتی از پلاک ۱۸۶ فرعی از ۱۰۲ اصلی واقع در بخش ۵ اراک حوزه ثبتی شازند خریداری برابر مبایعه‌نامه عادی از محل مالکیت ولی اله حق وردی و متقاضی.

ردیف ۶۳ رای شماره ۱۴۰۷۵ - ۱۴۰۴/۱۲/۲۴ آقای خداپار نجاریان فرزند علی جواد بشماره شناسنامه ۴۵۰ صادره از شازند بشماره ملی ۰۶۱۰۷۷۱۳۳۶ در سه دانگ مشاع از ششدانگ یکقطعه زمین مزروعی به مساحت ۵۱۵۸/۶۳ متر مربع قسمتی از پلاک ۸۲ اصلی واقع در بخش ۴ اراک حوزه ثبتی شازند خریداری برابر مبایعه نامه عادی از محل مالکیت علی‌اصغر فیروزی.

ردیف ۶۴ رای شماره ۱۴۰۷۴ - ۱۴۰۴/۱۲/۲۴ آقای خداپار نجاریان فرزند علی جواد بشماره شناسنامه ۴۵۰ صادره از شازند بشماره ملی ۰۶۱۰۷۷۱۳۳۶ در سه دانگ مشاع از ششدانگ یکقطعه زمین مزروعی به مساحت ۲۷۷۳/۴۳ مترمربع قسمتی از پلاک ۸۲ اصلی واقع در بخش ۴ اراک حوزه ثبتی شازند خریداری برابر مبایعه‌نامه عادی از محل مالکیت علی‌اصغر فیروزی.

ردیف ۶۵ رای شماره ۱۴۰۷۸ - ۱۴۰۴/۱۲/۲۴ آقای خداپار نجاریان فرزند علی جواد بشماره شناسنامه ۴۵۰ صادره از شازند بشماره ملی ۰۶۱۰۷۷۱۳۳۶ در سه دانگ مشاع از ششدانگ یکقطعه زمین مزروعی به مساحت ۲۷۶۷/۲۸ مترمربع قسمتی از پلاک ۸۲ اصلی واقع در بخش ۴ اراک حوزه ثبتی شازند خریداری برابر مبایعه‌نامه عادی از محل مالکیت علی‌اصغر فیروزی.

ردیف ۶۶ رای شماره ۱۴۰۸۲ - ۱۴۰۴/۱۲/۲۴ آقای پناهبرخدا اشنی فرزند علی جواد بشماره شناسنامه ۴۷۴ صادره از شازند بشماره ملی ۰۶۱۰۷۷۱۳۹۷ در سه دانگ مشاع از ششدانگ یکقطعه زمین مزروعی به مساحت ۵۱۵۸/۶۳ مترمربع قسمتی از پلاک ۸۲ اصلی واقع در بخش ۴ اراک حوزه ثبتی شازند خریداری برابر مبایعه‌نامه عادی از محل مالکیت علی‌اصغر فیروزی.

ردیف ۶۷ رای شماره ۱۴۰۷۱ - ۱۴۰۴/۱۲/۲۴ آقای پناهبرخدا اشنی فرزند علی جواد بشماره شناسنامه ۴۷۴ صادره از شازند بشماره ملی ۰۶۱۰۷۷۱۳۹۷ در سه دانگ مشاع از ششدانگ یکقطعه زمین مزروعی به مساحت ۲۷۷۳/۴۳ مترمربع قسمتی از پلاک ۸۲ اصلی واقع در بخش ۴ اراک حوزه ثبتی شازند خریداری برابر مبایعه‌نامه عادی از محل مالکیت علی‌اصغر فیروزی.

ردیف ۶۸ رای شماره ۱۴۰۸۱ - ۱۴۰۴/۱۲/۲۴ آقای پناهبرخدا اشنی فرزند علی جواد بشماره شناسنامه ۴۷۴ صادره از شازند بشماره ملی ۰۶۱۰۷۷۱۳۹۷ در سه دانگ مشاع از ششدانگ یکقطعه زمین مزروعی به مساحت ۲۷۶۷/۲۸ مترمربع قسمتی از پلاک ۸۲ اصلی واقع در بخش ۴ اراک حوزه ثبتی شازند خریداری برابر مبایعه‌نامه عادی از محل مالکیت علی‌اصغر فیروزی.

ردیف ۶۹ رای شماره ۱۴۰۲۲ - ۱۴۰۴/۱۲/۲۳ آقای خداپار نجاریان فرزند علی جواد بشماره شناسنامه ۴۵۰ صادره از شازند بشماره ملی ۰۶۱۰۷۷۱۳۳۶ در سه دانگ مشاع از ششدانگ یکقطعه زمین مزروعی به مساحت ۳۷۲۷/۷۵ مترمربع قسمتی از پلاک ۸۲ اصلی واقع در بخش ۴ اراک حوزه ثبتی شازند خریداری برابر مبایعه‌نامه عادی از محل مالکیت علی‌اصغر فیروزی.

ردیف ۷۰ رای شماره ۱۴۰۳۳ - ۱۴۰۴/۱۲/۲۳ آقای خداپار نجاریان فرزند علی جواد بشماره شناسنامه ۴۵۰ صادره از شازند بشماره ملی ۰۶۱۰۷۷۱۳۳۶ در سه دانگ مشاع از ششدانگ یکقطعه زمین مزروعی به مساحت ۶۷۶۳۴/۲۸ مترمربع قسمتی از پلاک ۸۲ اصلی واقع در بخش ۴ اراک حوزه ثبتی شازند خریداری برابر مبایعه‌نامه عادی از محل مالکیت علی‌اصغر فیروزی.

ردیف ۷۱ رای شماره ۱۴۰۳۴ - ۱۴۰۴/۱۲/۲۳ آقای خداپار نجاریان فرزند علی جواد بشماره شناسنامه ۴۵۰ صادره از شازند بشماره ملی ۰۶۱۰۷۷۱۳۳۶

در سه دانگ مشاع از ششدانگ یکقطعه زمین مزروعی به مساحت ۱۲۷۸/۰۳ مترمربع قسمتی از پلاک ۸۲ اصلی واقع در بخش ۴ اراک حوزه ثبتی شازند خریداری برابر مبایعه‌نامه عادی از محل مالکیت علی‌اصغر فیروزی.

ردیف ۷۲ رای شماره ۱۴۰۵۲ - ۱۴۰۴/۱۲/۲۳ آقای خداپار نجاریان فرزند علی جواد بشماره شناسنامه ۴۵۰ صادره از شازند بشماره ملی ۰۶۱۰۷۷۱۳۳۶ در سه دانگ مشاع از ششدانگ یکقطعه زمین مزروعی به مساحت ۳۳۸/۲۴ مترمربع قسمتی از پلاک ۸۲ اصلی واقع در بخش ۴ اراک حوزه ثبتی شازند خریداری برابر مبایعه‌نامه عادی از محل مالکیت علی‌اصغر فیروزی.

ردیف ۷۳ رای شماره ۱۴۰۴۶ - ۱۴۰۴/۱۲/۲۳ آقای خداپار نجاریان فرزند علی جواد بشماره شناسنامه ۴۵۰ صادره از شازند بشماره ملی ۰۶۱۰۷۷۱۳۳۶ در سه دانگ مشاع از ششدانگ یکقطعه زمین مزروعی به مساحت ۱۱۱/۵۱ مترمربع قسمتی از پلاک ۸۲ اصلی واقع در بخش ۴ اراک حوزه ثبتی شازند خریداری برابر مبایعه‌نامه عادی از محل مالکیت علی‌اصغر فیروزی.

ردیف ۷۴ رای شماره ۱۴۰۴۹ - ۱۴۰۴/۱۲/۲۳ آقای پناهبرخدا اشنی فرزند علی جواد بشماره شناسنامه ۴۷۴ صادره از شازند بشماره ملی ۰۶۱۰۷۷۱۳۹۷ در سه دانگ مشاع از ششدانگ یکقطعه زمین مزروعی به مساحت ۳۳۸/۲۴ مترمربع قسمتی از پلاک ۸۲ اصلی واقع در بخش ۴ اراک حوزه ثبتی شازند خریداری برابر مبایعه‌نامه عادی از محل مالکیت علی‌اصغر فیروزی.

ردیف ۷۵ رای شماره ۱۴۰۴۳ - ۱۴۰۴/۱۲/۲۳ آقای پناهبرخدا اشنی فرزند علی جواد بشماره شناسنامه ۴۷۴ صادره از شازند بشماره ملی ۰۶۱۰۷۷۱۳۹۷ در سه دانگ مشاع از ششدانگ یکقطعه زمین مزروعی به مساحت ۱۱۱/۵۱ مترمربع قسمتی از پلاک ۸۲ اصلی واقع در بخش ۴ اراک حوزه ثبتی شازند خریداری برابر مبایعه‌نامه عادی از محل مالکیت علی‌اصغر فیروزی.

ردیف ۷۶ رای شماره ۱۴۰۳۶ - ۱۴۰۴/۱۲/۲۳ آقای پناهبرخدا اشنی فرزند علی جواد بشماره شناسنامه ۴۷۴ صادره از شازند بشماره ملی ۰۶۱۰۷۷۱۳۹۷ در سه دانگ مشاع از ششدانگ یکقطعه زمین مزروعی به مساحت ۱۲۷۸/۰۳ مترمربع قسمتی از پلاک ۸۲ اصلی واقع در بخش ۴ اراک حوزه ثبتی شازند خریداری برابر مبایعه‌نامه عادی از محل مالکیت علی‌اصغر فیروزی.

ردیف ۷۷ رای شماره ۱۴۰۳۰ - ۱۴۰۴/۱۲/۲۳ آقای پناه برخدا اشنی فرزند علی جواد بشماره شناسنامه ۴۷۴ صادره از شازند بشماره ملی ۰۶۱۰۷۷۱۳۹۷ در سه دانگ مشاع از ششدانگ یکقطعه زمین مزروعی به مساحت ۶۷۶۳۴/۲۸ مترمربع قسمتی از پلاک ۸۲ اصلی واقع در بخش ۴ اراک حوزه ثبتی شازند خریداری برابر مبایعه‌نامه عادی از محل مالکیت علی‌اصغر فیروزی.

ردیف ۷۸ رای شماره ۱۴۰۲۵ - ۱۴۰۴/۱۲/۲۳ و رای اصلاحی ۱۴۰۲۷ - ۱۴۰۴/۱۲/۲۳ آقای پناهبرخدا اشنی فرزند علی جواد بشماره شناسنامه ۴۷۴ صادره از شازند بشماره ملی ۰۶۱۰۷۷۱۳۹۷ در سه دانگ مشاع از ششدانگ یکقطعه زمین مزروعی به مساحت ۳۷۲۷/۷۵ مترمربع قسمتی از پلاک ۸۲ اصلی واقع در بخش ۴ اراک حوزه ثبتی شازند خریداری برابر مبایعه‌نامه عادی از محل مالکیت علی‌اصغر فیروزی.

ردیف ۷۹ رای شماره ۱۳۰۵۷ - ۱۴۰۴/۱۱/۲۱ خانم صغری میرآقایی فرزند یدالله بشماره شناسنامه ۷ صادره از شازند بشماره ملی ۰۵۹۳۹۸۷۶۱۸ در ششدانگ یکقطعه زمین مزروعی به مساحت ۲۹۱/۸۴ مترمربع قسمتی از پلاک ۴۷ اصلی واقع در بخش ۴ اراک حوزه ثبتی شازند خریداری برابر مبایعه‌نامه عادی از محل مالکیت محمدولی کاظمی.

ردیف ۸۰ رای شماره ۱۳۰۵۵ - ۱۴۰۴/۱۱/۲۱ آقای علی شمسی فرزند مسلم بشماره شناسنامه ۸۳ صادره از شازند بشماره ملی ۰۶۲۱۳۶۲۳۵۵ در ششدانگ یکقطعه زمین مزروعی به مساحت ۱۲۹۰/۸۳ مترمربع قسمتی از پلاک ۴۷ اصلی واقع در بخش ۴ اراک حوزه ثبتی شازند خریداری برابر مبایعه‌نامه عادی از محل مالکیت فریبرز داودی مکی‌نژاد.

ردیف ۸۱ رای شماره ۱۳۰۰۸ - ۱۴۰۴/۱۱/۲۱ آقای ذوالفقار کاشانی فرزند محمد بشماره شناسنامه ۱۶ صادره از شازند بشماره ملی ۰۶۲۱۱۷۰۸۳۰ در ششدانگ یکقطعه زمین مزروعی به مساحت ۱۲۸۲۰/۷۳ مترمربع قسمتی از پلاک یک فرعی از ۵۴ اصلی واقع در بخش ۴ اراک حوزه ثبتی شازند خریداری برابر مبایعه‌نامه عادی از محل مالکیت هاجر ترابی.

ردیف ۸۲ رای شماره ۱۳۰۰۶ - ۱۴۰۴/۱۱/۲۱ آقای علی احمد کاشانی فرزند محمد بشماره شناسنامه ۴۲۵ صادره از شازند بشماره ملی ۰۶۲۰۳۳۶۶۹۶ در ششدانگ یکقطعه زمین مزروعی به مساحت ۱۸۲۲/۹۴ مترمربع قسمتی از پلاک یک فرعی از ۵۴ اصلی واقع در بخش ۴ اراک حوزه ثبتی شازند خریداری برابر مبایعه‌نامه عادی از محل مالکیت هاجر ترابی.

ردیف ۸۳ رای شماره ۱۳۰۱۰ - ۱۴۰۴/۱۱/۲۱ آقای عباس کاشانی فرزند محمد بشماره شناسنامه ۲۹ صادره از شازند بشماره ملی ۰۶۲۱۸۲۸۶۰۳ در ششدانگ یکقطعه زمین مزروعی به مساحت ۱۲۸۲/۹۶ مترمربع قسمتی از پلاک یک فرعی از ۵۴ اصلی واقع در بخش ۴ اراک حوزه ثبتی شازند خریداری برابر مبایعه‌نامه عادی از محل مالکیت هاجر ترابی.

تاریخ انتشار نوبت اول:
سه‌شنبه ۱۴۰۵/۰۲/۰۱
تاریخ انتشار نوبت دوم:
سه‌شنبه ۱۴۰۵/۰۲/۱۵
کفیل ثبت اسناد شازند
حمیدرضا هاشمی
شناسه آگهی:۲۱۵۵۸۱۸م الف:۱۸
